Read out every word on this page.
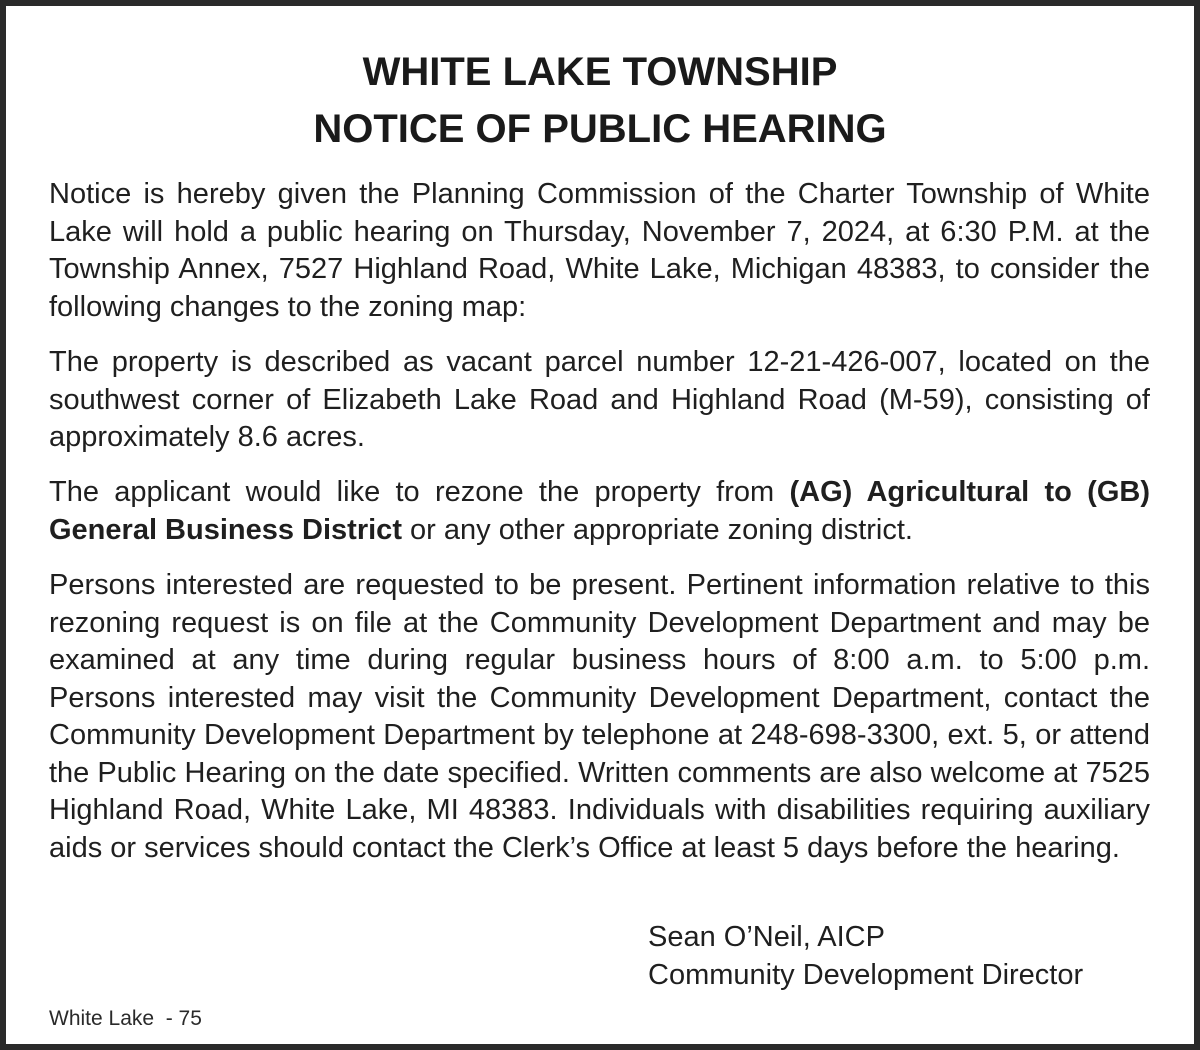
WHITE LAKE TOWNSHIP
NOTICE OF PUBLIC HEARING
Notice is hereby given the Planning Commission of the Charter Township of White Lake will hold a public hearing on Thursday, November 7, 2024, at 6:30 P.M. at the Township Annex, 7527 Highland Road, White Lake, Michigan 48383, to consider the following changes to the zoning map:
The property is described as vacant parcel number 12-21-426-007, located on the southwest corner of Elizabeth Lake Road and Highland Road (M-59), consisting of approximately 8.6 acres.
The applicant would like to rezone the property from (AG) Agricultural to (GB) General Business District or any other appropriate zoning district.
Persons interested are requested to be present. Pertinent information relative to this rezoning request is on file at the Community Development Department and may be examined at any time during regular business hours of 8:00 a.m. to 5:00 p.m. Persons interested may visit the Community Development Department, contact the Community Development Department by telephone at 248-698-3300, ext. 5, or attend the Public Hearing on the date specified. Written comments are also welcome at 7525 Highland Road, White Lake, MI 48383. Individuals with disabilities requiring auxiliary aids or services should contact the Clerk’s Office at least 5 days before the hearing.
Sean O’Neil, AICP
Community Development Director
White Lake  - 75
